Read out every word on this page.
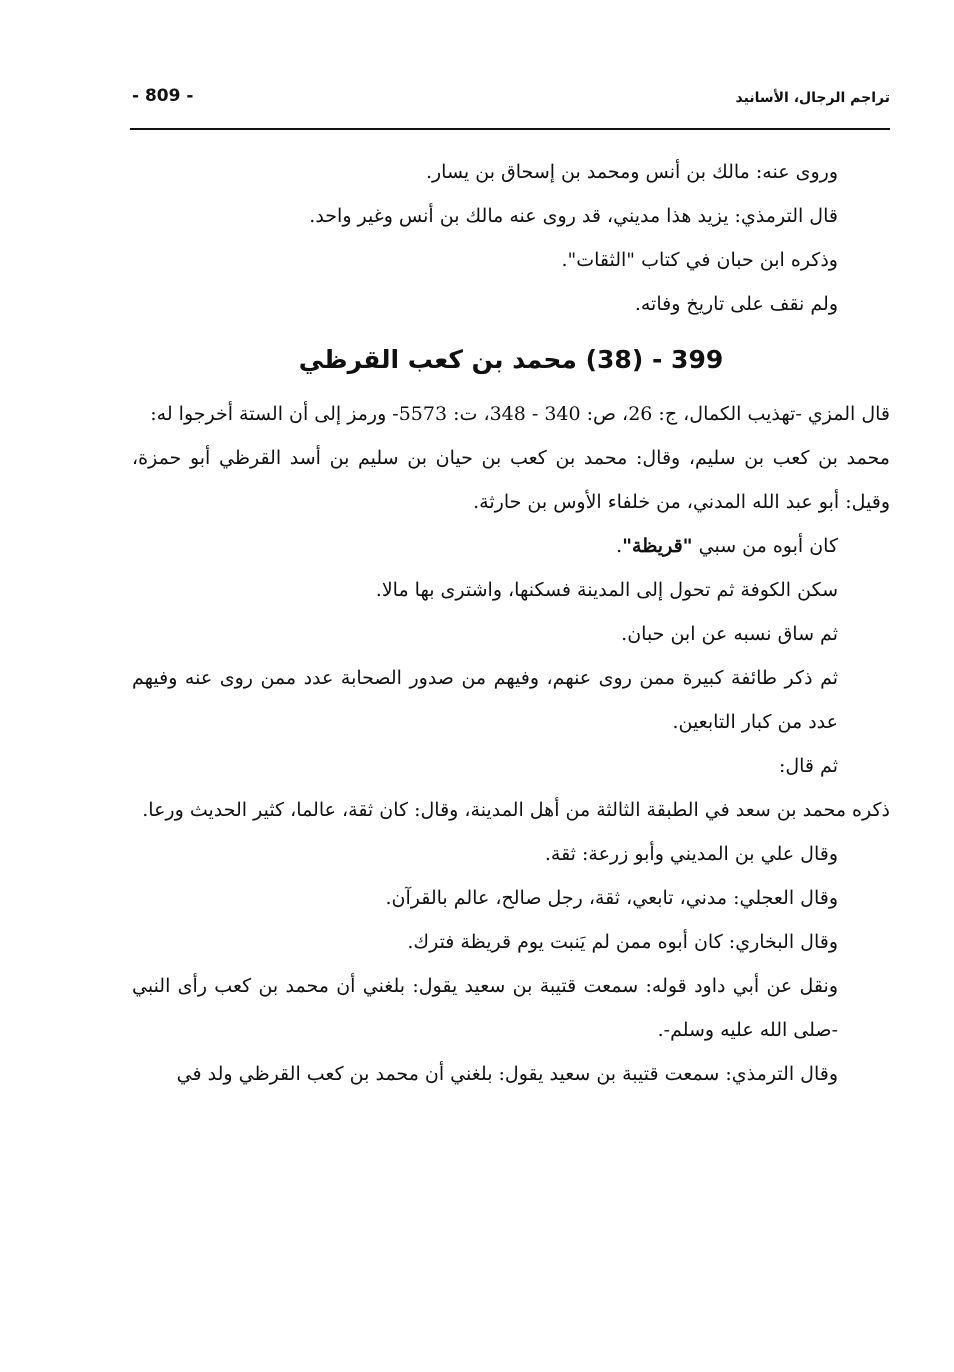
- 809 -	تراجم الرجال، الأسانيد

وروى عنه: مالك بن أنس ومحمد بن إسحاق بن يسار.

قال الترمذي: يزيد هذا مديني، قد روى عنه مالك بن أنس وغير واحد.

وذكره ابن حبان في كتاب "الثقات".

ولم نقف على تاريخ وفاته.

399 - (38) محمد بن كعب القرظي

قال المزي -تهذيب الكمال، ج: 26، ص: 340 - 348، ت: 5573- ورمز إلى أن الستة أخرجوا له:

محمد بن كعب بن سليم، وقال: محمد بن كعب بن حيان بن سليم بن أسد القرظي أبو حمزة، وقيل: أبو عبد الله المدني، من خلفاء الأوس بن حارثة.

كان أبوه من سبي "قريظة".

سكن الكوفة ثم تحول إلى المدينة فسكنها، واشترى بها مالا.

ثم ساق نسبه عن ابن حبان.

ثم ذكر طائفة كبيرة ممن روى عنهم، وفيهم من صدور الصحابة عدد ممن روى عنه وفيهم عدد من كبار التابعين.

ثم قال:

ذكره محمد بن سعد في الطبقة الثالثة من أهل المدينة، وقال: كان ثقة، عالما، كثير الحديث ورعا.

وقال علي بن المديني وأبو زرعة: ثقة.

وقال العجلي: مدني، تابعي، ثقة، رجل صالح، عالم بالقرآن.

وقال البخاري: كان أبوه ممن لم يَنبت يوم قريظة فترك.

ونقل عن أبي داود قوله: سمعت قتيبة بن سعيد يقول: بلغني أن محمد بن كعب رأى النبي -صلى الله عليه وسلم-.

وقال الترمذي: سمعت قتيبة بن سعيد يقول: بلغني أن محمد بن كعب القرظي ولد في
